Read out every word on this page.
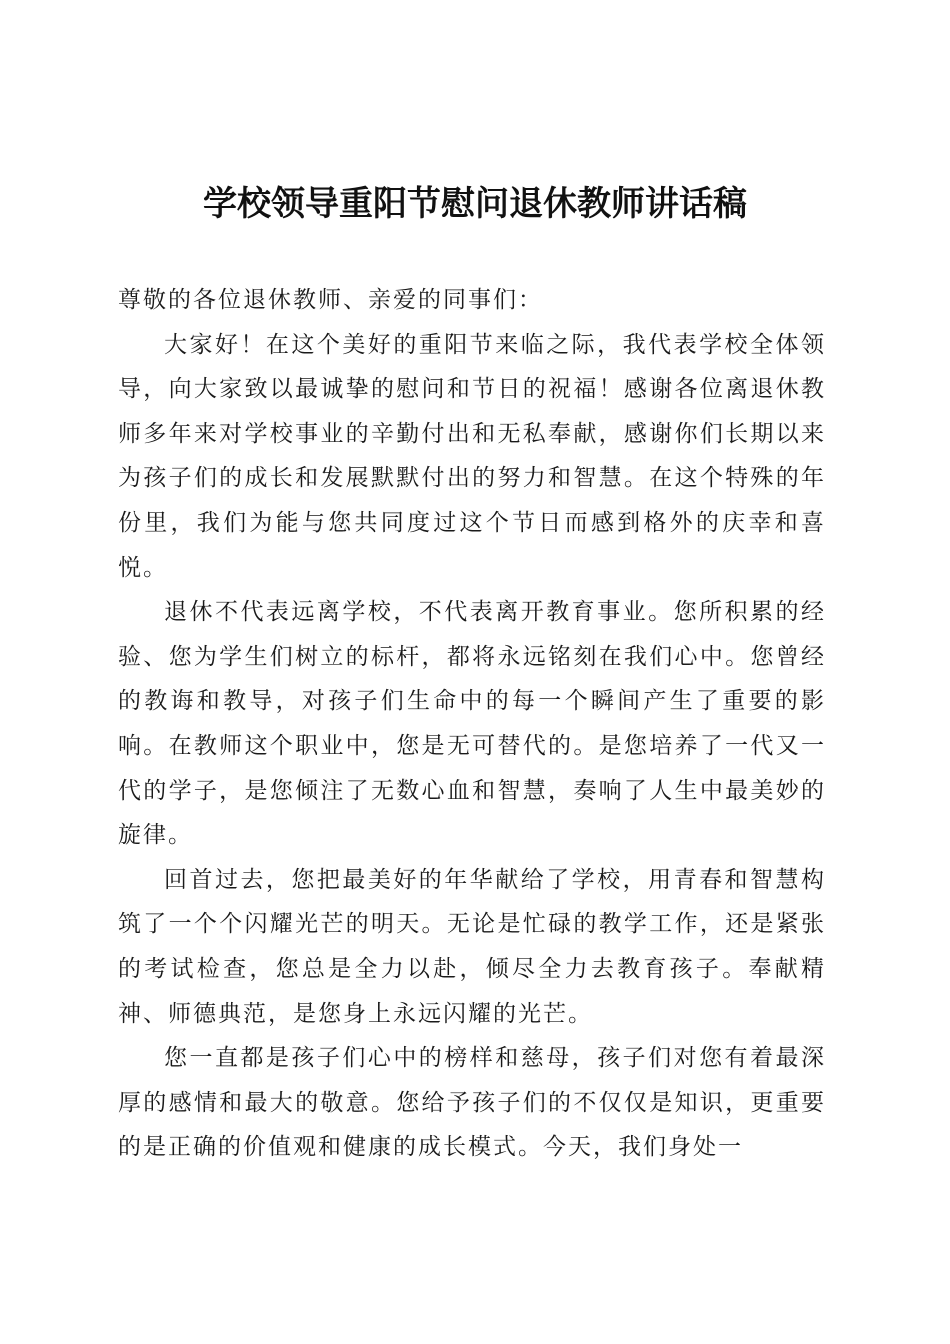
学校领导重阳节慰问退休教师讲话稿

尊敬的各位退休教师、亲爱的同事们：

大家好！在这个美好的重阳节来临之际，我代表学校全体领导，向大家致以最诚挚的慰问和节日的祝福！感谢各位离退休教师多年来对学校事业的辛勤付出和无私奉献，感谢你们长期以来为孩子们的成长和发展默默付出的努力和智慧。在这个特殊的年份里，我们为能与您共同度过这个节日而感到格外的庆幸和喜悦。

退休不代表远离学校，不代表离开教育事业。您所积累的经验、您为学生们树立的标杆，都将永远铭刻在我们心中。您曾经的教诲和教导，对孩子们生命中的每一个瞬间产生了重要的影响。在教师这个职业中，您是无可替代的。是您培养了一代又一代的学子，是您倾注了无数心血和智慧，奏响了人生中最美妙的旋律。

回首过去，您把最美好的年华献给了学校，用青春和智慧构筑了一个个闪耀光芒的明天。无论是忙碌的教学工作，还是紧张的考试检查，您总是全力以赴，倾尽全力去教育孩子。奉献精神、师德典范，是您身上永远闪耀的光芒。

您一直都是孩子们心中的榜样和慈母，孩子们对您有着最深厚的感情和最大的敬意。您给予孩子们的不仅仅是知识，更重要的是正确的价值观和健康的成长模式。今天，我们身处一
